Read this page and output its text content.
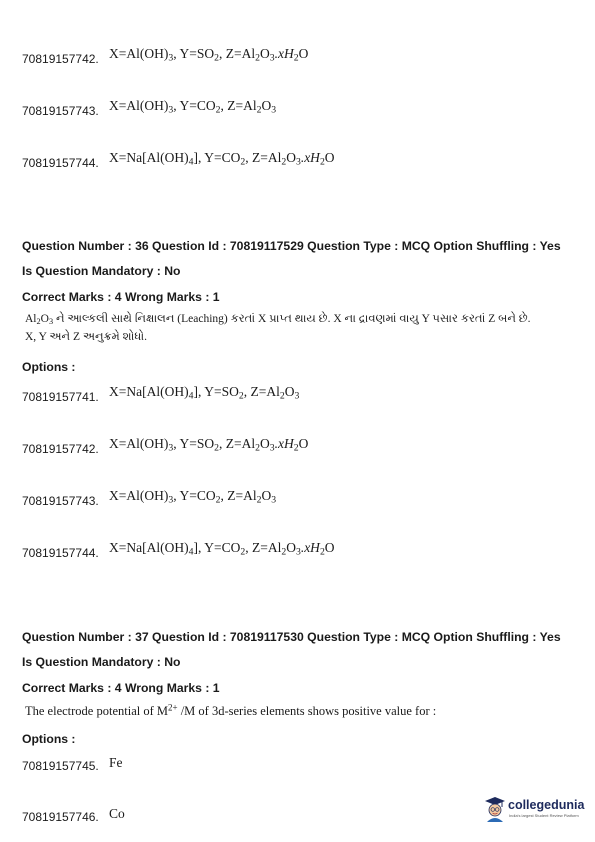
70819157742. $X=Al(OH)_3$, $Y=SO_2$, $Z=Al_2O_3.xH_2O$
70819157743. $X=Al(OH)_3$, $Y=CO_2$, $Z=Al_2O_3$
70819157744. $X=Na[Al(OH)_4]$, $Y=CO_2$, $Z=Al_2O_3.xH_2O$
Question Number : 36 Question Id : 70819117529 Question Type : MCQ Option Shuffling : Yes
Is Question Mandatory : No
Correct Marks : 4 Wrong Marks : 1
$Al_2O_3$ ને આલ્કલી સાથે નિક્ષાલન (Leaching) કરતાં X પ્રાપ્ત થાય છે. X ના દ્રાવણમાં વાયુ Y પસાર કરતાં Z બને છે.
X, Y અને Z અનુક્રમે શોધો.
Options :
70819157741. $X=Na[Al(OH)_4]$, $Y=SO_2$, $Z=Al_2O_3$
70819157742. $X=Al(OH)_3$, $Y=SO_2$, $Z=Al_2O_3.xH_2O$
70819157743. $X=Al(OH)_3$, $Y=CO_2$, $Z=Al_2O_3$
70819157744. $X=Na[Al(OH)_4]$, $Y=CO_2$, $Z=Al_2O_3.xH_2O$
Question Number : 37 Question Id : 70819117530 Question Type : MCQ Option Shuffling : Yes
Is Question Mandatory : No
Correct Marks : 4 Wrong Marks : 1
The electrode potential of $M^{2+}$ /M of 3d-series elements shows positive value for :
Options :
70819157745. Fe
70819157746. Co
collegedunia
India's largest Student Review Platform
